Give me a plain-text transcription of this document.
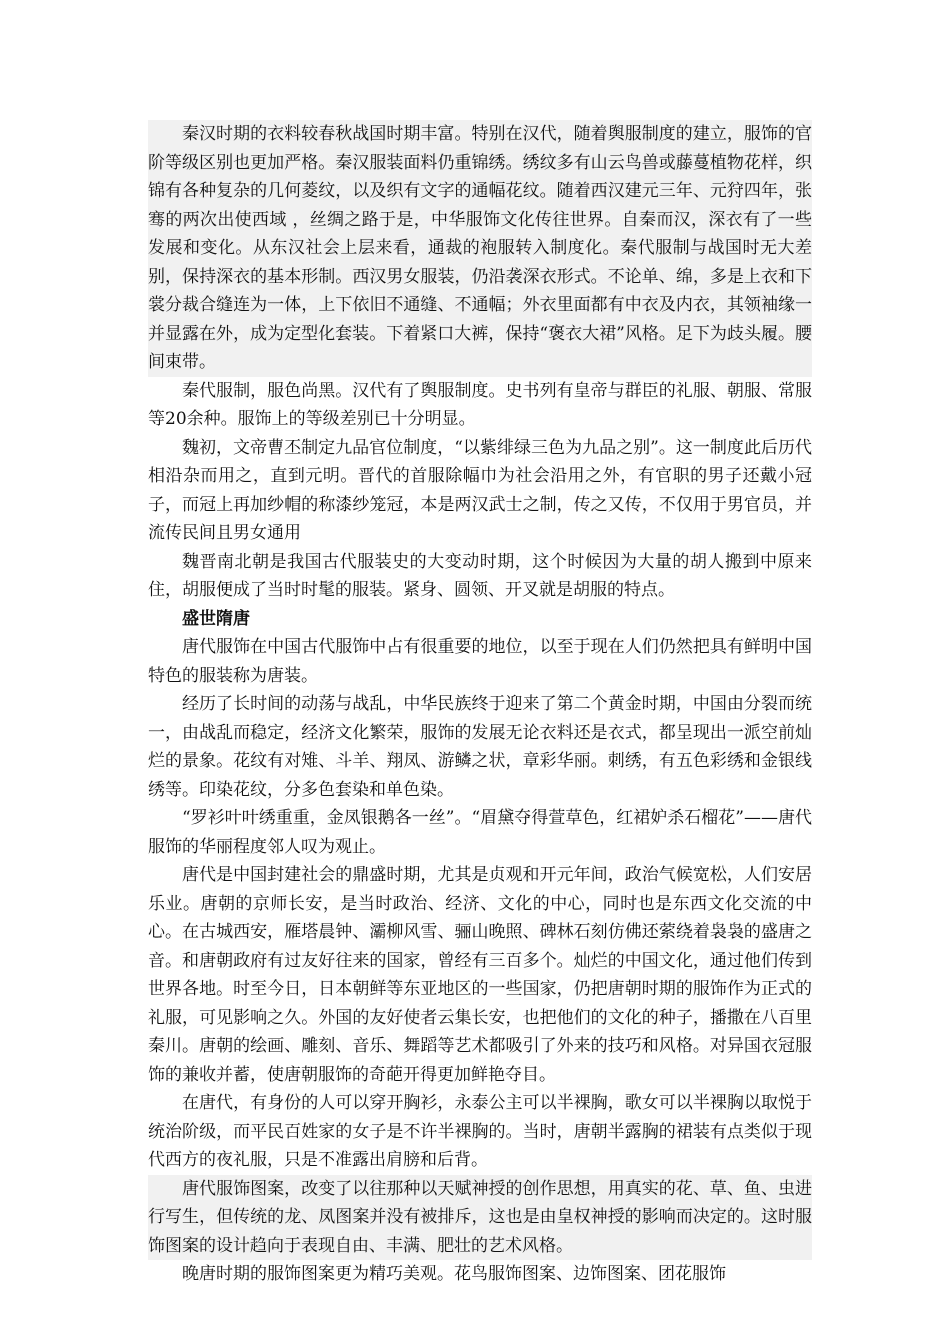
秦汉时期的衣料较春秋战国时期丰富。特别在汉代，随着舆服制度的建立，服饰的官阶等级区别也更加严格。秦汉服装面料仍重锦绣。绣纹多有山云鸟兽或藤蔓植物花样，织锦有各种复杂的几何菱纹，以及织有文字的通幅花纹。随着西汉建元三年、元狩四年，张骞的两次出使西域 ，丝绸之路于是，中华服饰文化传往世界。自秦而汉，深衣有了一些发展和变化。从东汉社会上层来看，通裁的袍服转入制度化。秦代服制与战国时无大差别，保持深衣的基本形制。西汉男女服装，仍沿袭深衣形式。不论单、绵，多是上衣和下裳分裁合缝连为一体，上下依旧不通缝、不通幅；外衣里面都有中衣及内衣，其领袖缘一并显露在外，成为定型化套装。下着紧口大裤，保持“褒衣大裙”风格。足下为歧头履。腰间束带。

秦代服制，服色尚黑。汉代有了舆服制度。史书列有皇帝与群臣的礼服、朝服、常服等20余种。服饰上的等级差别已十分明显。

魏初，文帝曹丕制定九品官位制度，“以紫绯绿三色为九品之别”。这一制度此后历代相沿杂而用之，直到元明。晋代的首服除幅巾为社会沿用之外，有官职的男子还戴小冠子，而冠上再加纱帽的称漆纱笼冠，本是两汉武士之制，传之又传，不仅用于男官员，并流传民间且男女通用

魏晋南北朝是我国古代服装史的大变动时期，这个时候因为大量的胡人搬到中原来住，胡服便成了当时时髦的服装。紧身、圆领、开叉就是胡服的特点。

盛世隋唐

唐代服饰在中国古代服饰中占有很重要的地位，以至于现在人们仍然把具有鲜明中国特色的服装称为唐装。

经历了长时间的动荡与战乱，中华民族终于迎来了第二个黄金时期，中国由分裂而统一，由战乱而稳定，经济文化繁荣，服饰的发展无论衣料还是衣式，都呈现出一派空前灿烂的景象。花纹有对雉、斗羊、翔凤、游鳞之状，章彩华丽。刺绣，有五色彩绣和金银线绣等。印染花纹，分多色套染和单色染。

“罗衫叶叶绣重重，金凤银鹅各一丝”。“眉黛夺得萱草色，红裙妒杀石榴花”——唐代服饰的华丽程度邻人叹为观止。

唐代是中国封建社会的鼎盛时期，尤其是贞观和开元年间，政治气候宽松，人们安居乐业。唐朝的京师长安，是当时政治、经济、文化的中心，同时也是东西文化交流的中心。在古城西安，雁塔晨钟、灞柳风雪、骊山晚照、碑林石刻仿佛还萦绕着袅袅的盛唐之音。和唐朝政府有过友好往来的国家，曾经有三百多个。灿烂的中国文化，通过他们传到世界各地。时至今日，日本朝鲜等东亚地区的一些国家，仍把唐朝时期的服饰作为正式的礼服，可见影响之久。外国的友好使者云集长安，也把他们的文化的种子，播撒在八百里秦川。唐朝的绘画、雕刻、音乐、舞蹈等艺术都吸引了外来的技巧和风格。对异国衣冠服饰的兼收并蓄，使唐朝服饰的奇葩开得更加鲜艳夺目。

在唐代，有身份的人可以穿开胸衫，永泰公主可以半裸胸，歌女可以半裸胸以取悦于统治阶级，而平民百姓家的女子是不许半裸胸的。当时，唐朝半露胸的裙装有点类似于现代西方的夜礼服，只是不准露出肩膀和后背。

唐代服饰图案，改变了以往那种以天赋神授的创作思想，用真实的花、草、鱼、虫进行写生，但传统的龙、凤图案并没有被排斥，这也是由皇权神授的影响而决定的。这时服饰图案的设计趋向于表现自由、丰满、肥壮的艺术风格。

晚唐时期的服饰图案更为精巧美观。花鸟服饰图案、边饰图案、团花服饰
